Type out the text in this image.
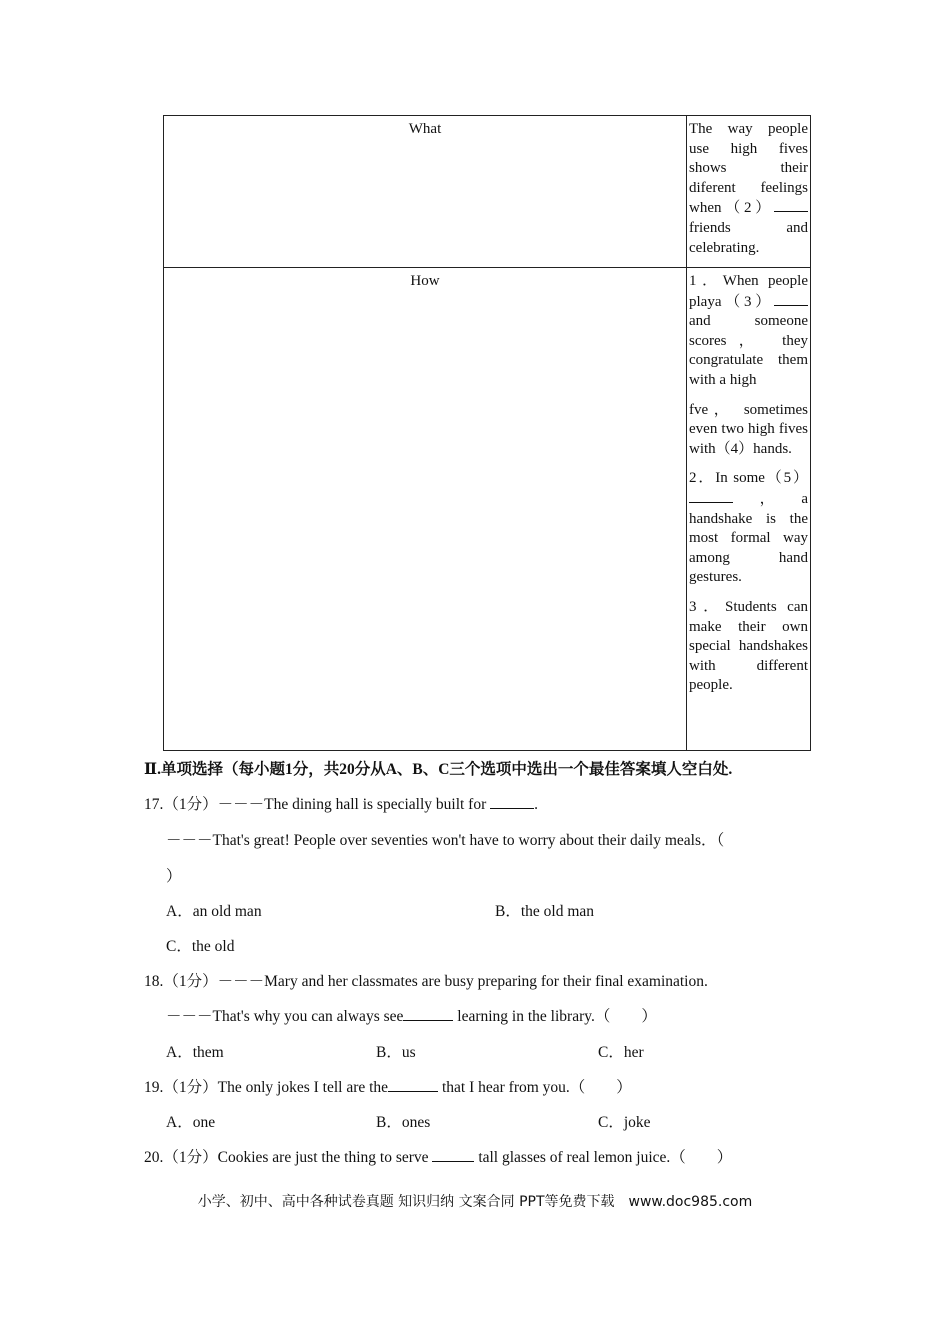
What	The way people use high fives shows their diferent feelings when（2） friends and celebrating.

How	1．When people playa（3） and someone scores， they congratulate them with a high
fve， sometimes even two high fives with（4）hands.
2．In some（5），a handshake is the most formal way among hand gestures.
3．Students can make their own special handshakes with different people.
Ⅱ.单项选择（每小题1分，共20分从A、B、C三个选项中选出一个最佳答案填人空白处.
17.（1分）－－－The dining hall is specially built for	.
－－－That's great! People over seventies won't have to worry about their daily meals．（
）
A．an old man	B．the old man
C．the old
18.（1分）－－－Mary and her classmates are busy preparing for their final examination.
－－－That's why you can always see	learning in the library.（　　）
A．them	B．us	C．her
19.（1分）The only jokes I tell are the	that I hear from you.（　　）
A．one	B．ones	C．joke
20.（1分）Cookies are just the thing to serve	tall glasses of real lemon juice.（　　）
小学、初中、高中各种试卷真题 知识归纳 文案合同 PPT等免费下载　www.doc985.com
